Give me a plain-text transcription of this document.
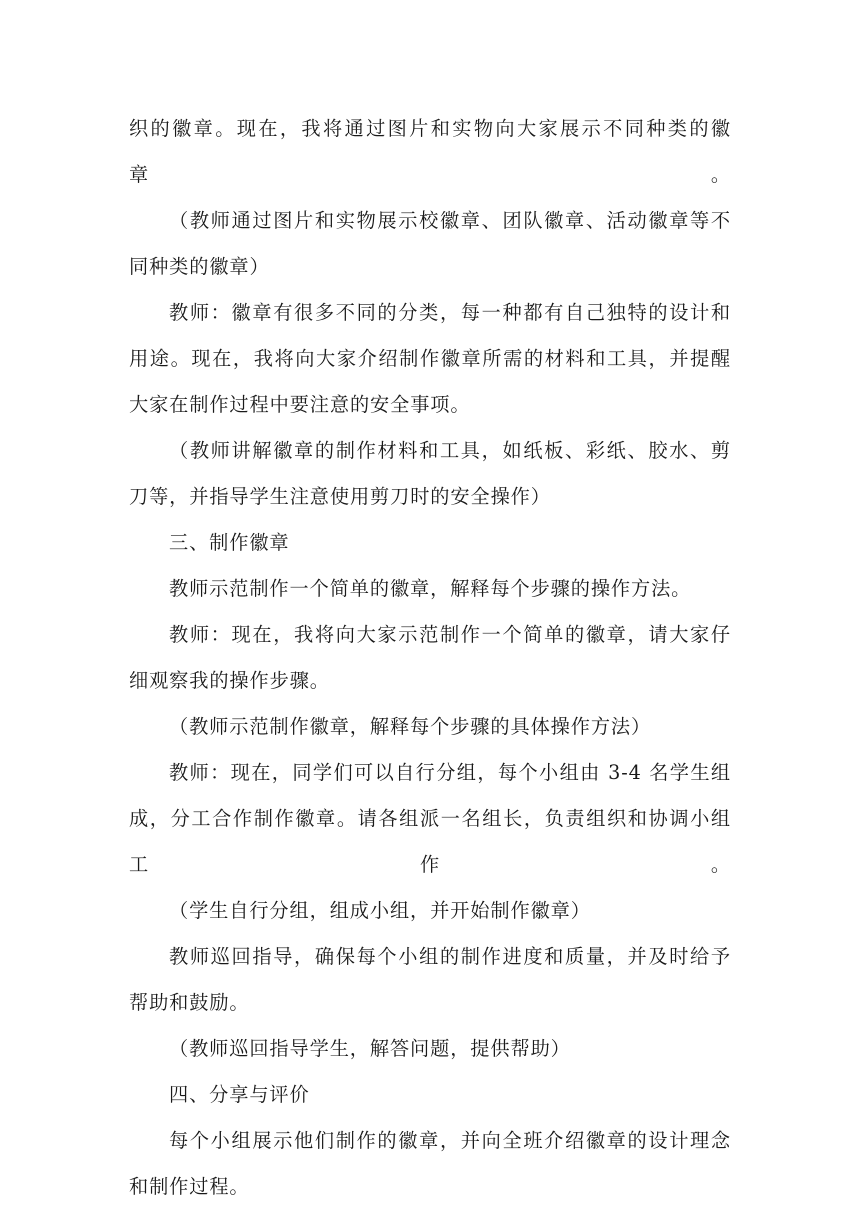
织的徽章。现在，我将通过图片和实物向大家展示不同种类的徽章。

（教师通过图片和实物展示校徽章、团队徽章、活动徽章等不同种类的徽章）

教师：徽章有很多不同的分类，每一种都有自己独特的设计和用途。现在，我将向大家介绍制作徽章所需的材料和工具，并提醒大家在制作过程中要注意的安全事项。

（教师讲解徽章的制作材料和工具，如纸板、彩纸、胶水、剪刀等，并指导学生注意使用剪刀时的安全操作）

三、制作徽章

教师示范制作一个简单的徽章，解释每个步骤的操作方法。

教师：现在，我将向大家示范制作一个简单的徽章，请大家仔细观察我的操作步骤。

（教师示范制作徽章，解释每个步骤的具体操作方法）

教师：现在，同学们可以自行分组，每个小组由 3-4 名学生组成，分工合作制作徽章。请各组派一名组长，负责组织和协调小组工作。

（学生自行分组，组成小组，并开始制作徽章）

教师巡回指导，确保每个小组的制作进度和质量，并及时给予帮助和鼓励。

（教师巡回指导学生，解答问题，提供帮助）

四、分享与评价

每个小组展示他们制作的徽章，并向全班介绍徽章的设计理念和制作过程。
